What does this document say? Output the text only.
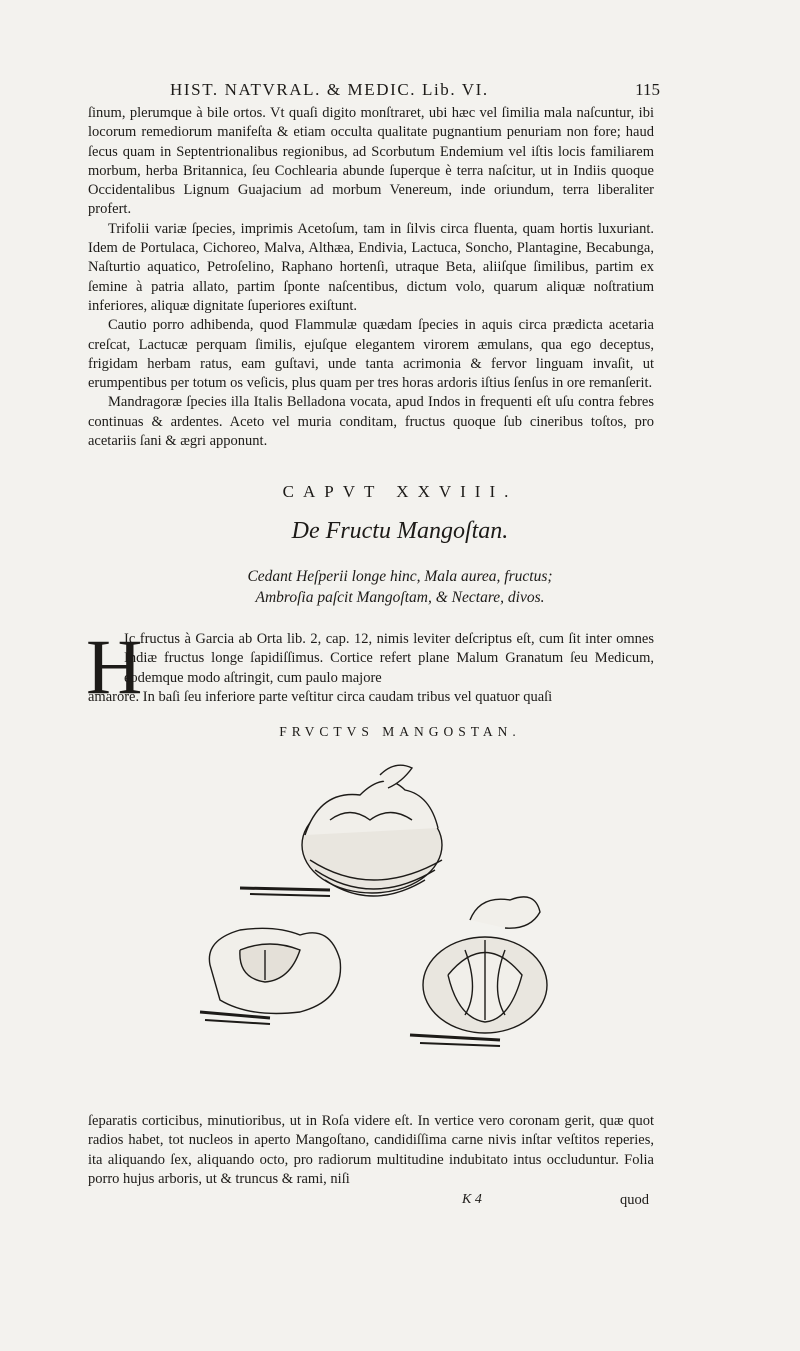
HIST. NATVRAL. & MEDIC. Lib. VI.	115

ſinum, plerumque à bile ortos. Vt quaſi digito monſtraret, ubi hæc vel ſimilia mala naſcuntur, ibi locorum remediorum manifeſta & etiam occulta qualitate pugnantium penuriam non fore; haud ſecus quam in Septentrionalibus regionibus, ad Scorbutum Endemium vel iſtis locis familiarem morbum, herba Britannica, ſeu Cochlearia abunde ſuperque è terra naſcitur, ut in Indiis quoque Occidentalibus Lignum Guajacium ad morbum Venereum, inde oriundum, terra liberaliter profert.

Trifolii variæ ſpecies, imprimis Acetoſum, tam in ſilvis circa fluenta, quam hortis luxuriant. Idem de Portulaca, Cichoreo, Malva, Althæa, Endivia, Lactuca, Soncho, Plantagine, Becabunga, Naſturtio aquatico, Petroſelino, Raphano hortenſi, utraque Beta, aliiſque ſimilibus, partim ex ſemine à patria allato, partim ſponte naſcentibus, dictum volo, quarum aliquæ noſtratium inferiores, aliquæ dignitate ſuperiores exiſtunt.

Cautio porro adhibenda, quod Flammulæ quædam ſpecies in aquis circa prædicta acetaria creſcat, Lactucæ perquam ſimilis, ejuſque elegantem virorem æmulans, qua ego deceptus, frigidam herbam ratus, eam guſtavi, unde tanta acrimonia & fervor linguam invaſit, ut erumpentibus per totum os veſicis, plus quam per tres horas ardoris iſtius ſenſus in ore remanſerit.

Mandragoræ ſpecies illa Italis Belladona vocata, apud Indos in frequenti eſt uſu contra febres continuas & ardentes. Aceto vel muria conditam, fructus quoque ſub cineribus toſtos, pro acetariis ſani & ægri apponunt.

CAPVT XXVIII.
De Fructu Mangoſtan.
Cedant Heſperii longe hinc, Mala aurea, fructus;
Ambroſia paſcit Mangoſtam, & Nectare, divos.
H

Ic fructus à Garcia ab Orta lib. 2, cap. 12, nimis leviter deſcriptus eſt, cum ſit inter omnes Indiæ fructus longe ſapidiſſimus. Cortice refert plane Malum Granatum ſeu Medicum, eodemque modo aſtringit, cum paulo majore

amarore. In baſi ſeu inferiore parte veſtitur circa caudam tribus vel quatuor quaſi

FRVCTVS MANGOSTAN.

ſeparatis corticibus, minutioribus, ut in Roſa videre eſt. In vertice vero coronam gerit, quæ quot radios habet, tot nucleos in aperto Mangoſtano, candidiſſima carne nivis inſtar veſtitos reperies, ita aliquando ſex, aliquando octo, pro radiorum multitudine indubitato intus occluduntur. Folia porro hujus arboris, ut & truncus & rami, niſi

K 4	quod
